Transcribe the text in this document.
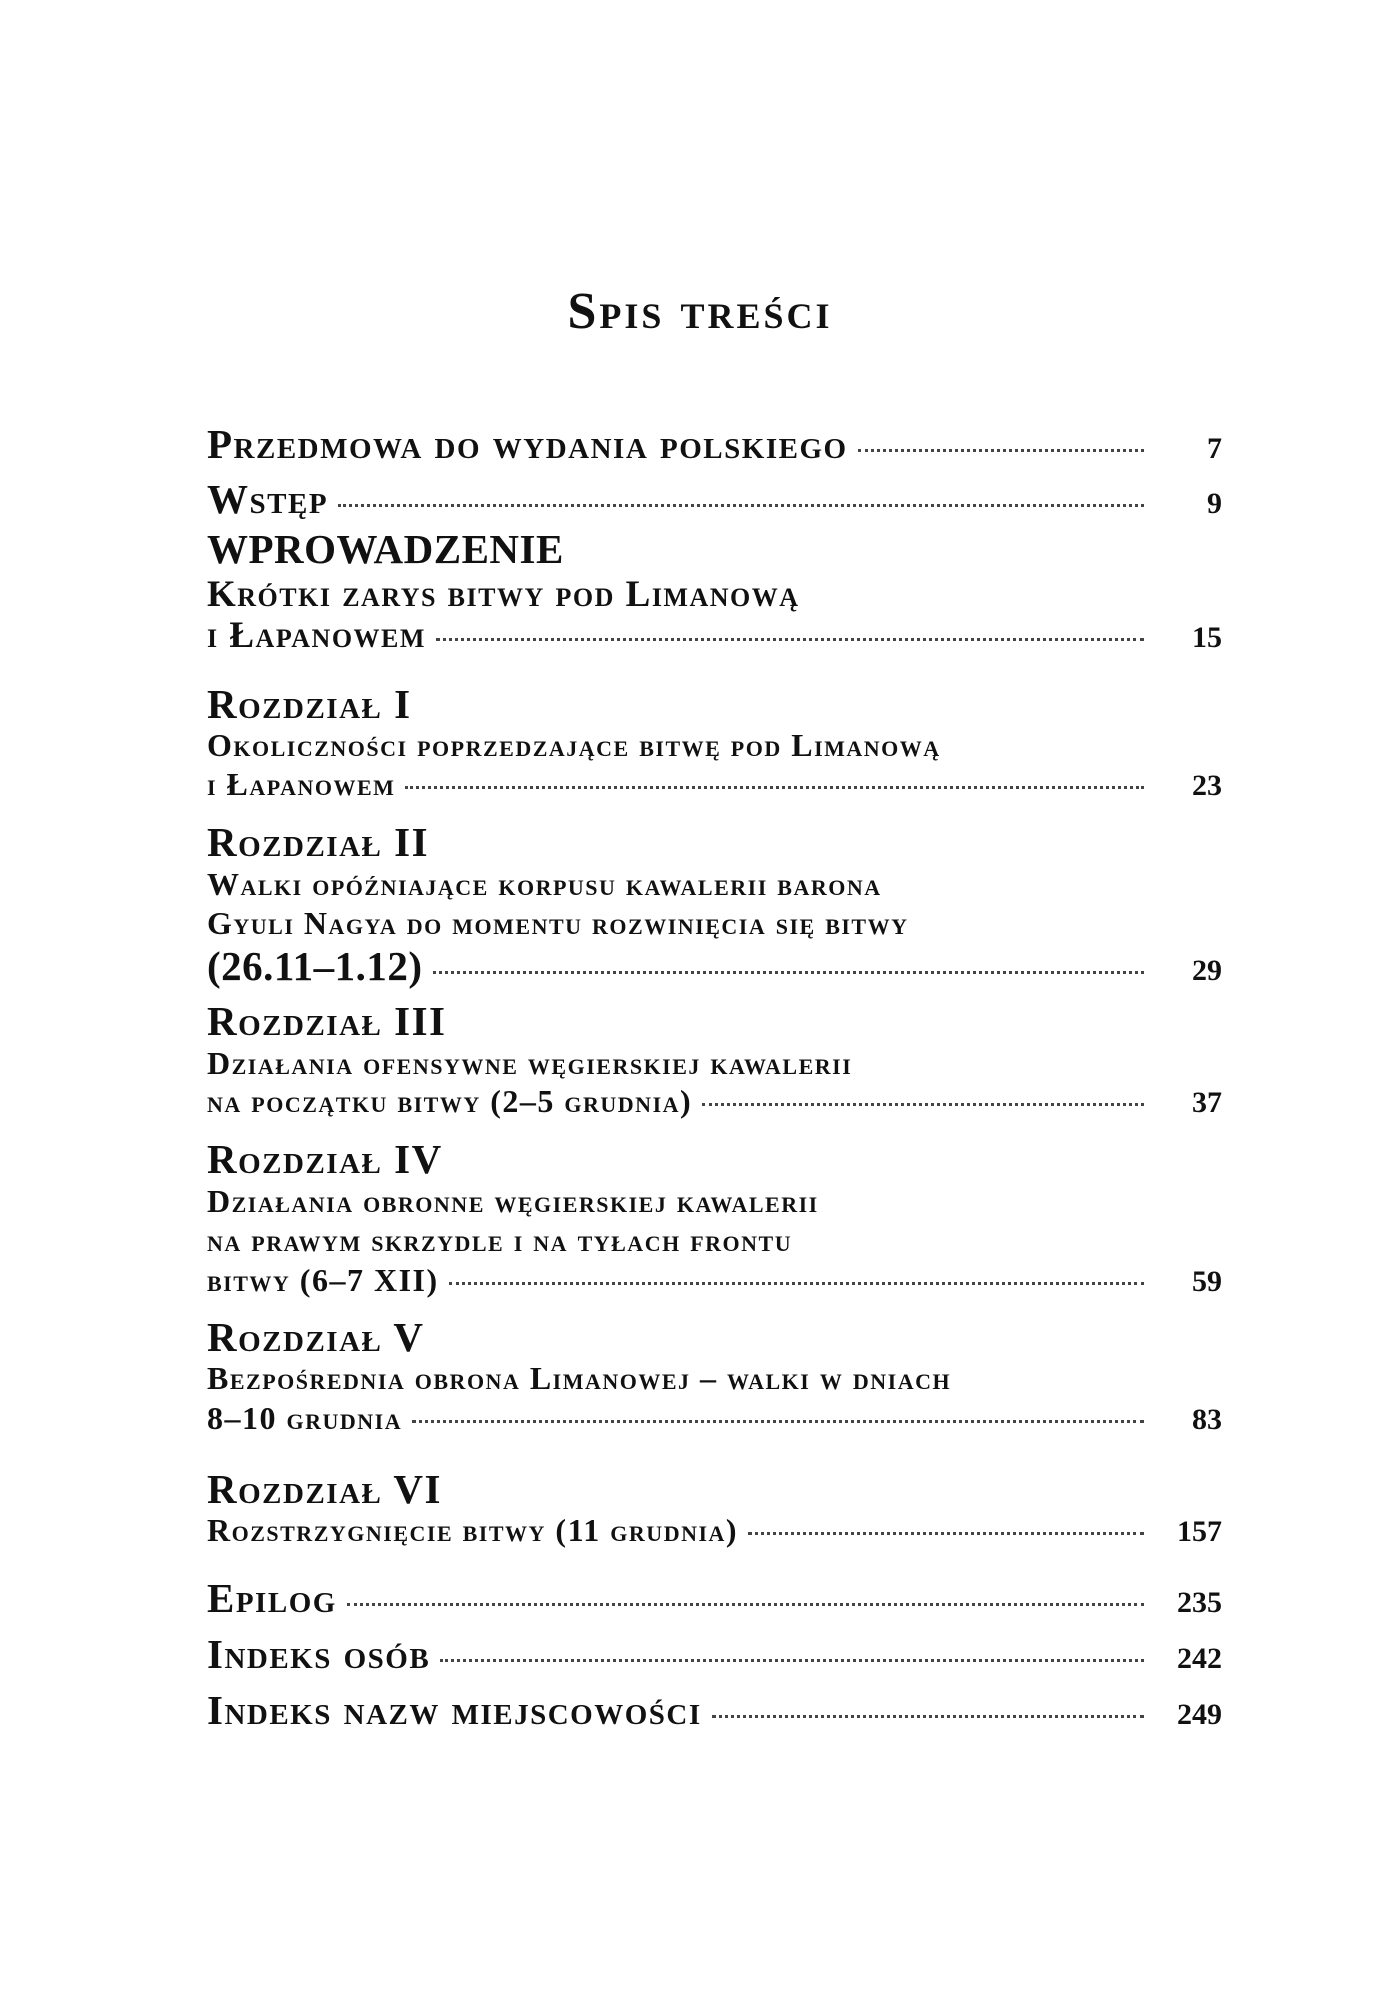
Spis treści
Przedmowa do wydania polskiego	7
Wstęp	9
WPROWADZENIE
Krótki zarys bitwy pod Limanową
i Łapanowem	15
Rozdział I
Okoliczności poprzedzające bitwę pod Limanową
i Łapanowem	23
Rozdział II
Walki opóźniające korpusu kawalerii barona
Gyuli Nagya do momentu rozwinięcia się bitwy
(26.11–1.12)	29
Rozdział III
Działania ofensywne węgierskiej kawalerii
na początku bitwy (2–5 grudnia)	37
Rozdział IV
Działania obronne węgierskiej kawalerii
na prawym skrzydle i na tyłach frontu
bitwy (6–7 XII)	59
Rozdział V
Bezpośrednia obrona Limanowej – walki w dniach
8–10 grudnia	83
Rozdział VI
Rozstrzygnięcie bitwy (11 grudnia)	157
Epilog	235
Indeks osób	242
Indeks nazw miejscowości	249
